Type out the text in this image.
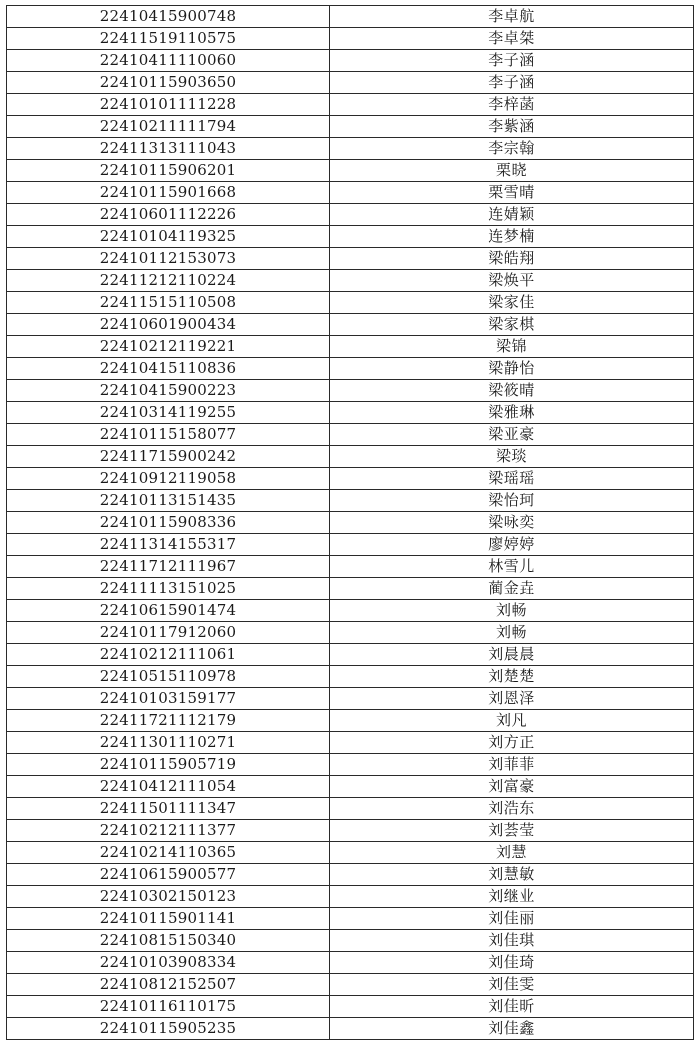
22410415900748	李卓航
22411519110575	李卓桀
22410411110060	李子涵
22410115903650	李子涵
22410101111228	李梓菡
22410211111794	李紫涵
22411313111043	李宗翰
22410115906201	栗晓
22410115901668	栗雪晴
22410601112226	连婧颖
22410104119325	连梦楠
22410112153073	梁皓翔
22411212110224	梁焕平
22411515110508	梁家佳
22410601900434	梁家棋
22410212119221	梁锦
22410415110836	梁静怡
22410415900223	梁筱晴
22410314119255	梁雅琳
22410115158077	梁亚豪
22411715900242	梁琰
22410912119058	梁瑶瑶
22410113151435	梁怡珂
22410115908336	梁咏奕
22411314155317	廖婷婷
22411712111967	林雪儿
22411113151025	蔺金垚
22410615901474	刘畅
22410117912060	刘畅
22410212111061	刘晨晨
22410515110978	刘楚楚
22410103159177	刘恩泽
22411721112179	刘凡
22411301110271	刘方正
22410115905719	刘菲菲
22410412111054	刘富豪
22411501111347	刘浩东
22410212111377	刘荟莹
22410214110365	刘慧
22410615900577	刘慧敏
22410302150123	刘继业
22410115901141	刘佳丽
22410815150340	刘佳琪
22410103908334	刘佳琦
22410812152507	刘佳雯
22410116110175	刘佳昕
22410115905235	刘佳鑫
